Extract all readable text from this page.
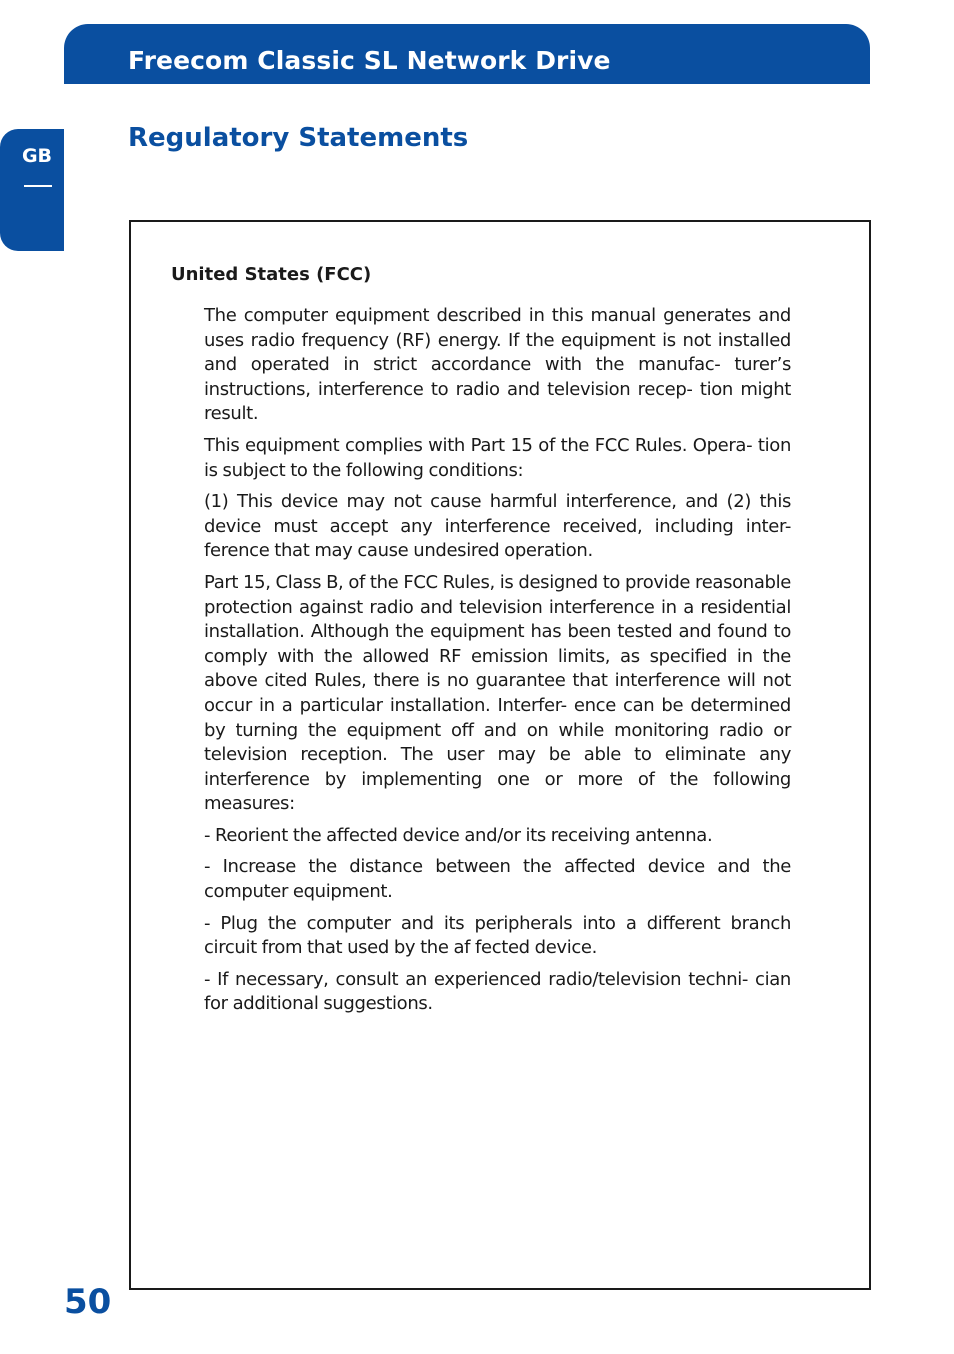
Freecom Classic SL Network Drive
GB
Regulatory Statements
United States (FCC)

The computer equipment described in this manual generates and uses radio frequency (RF) energy. If the equipment is not installed and operated in strict accordance with the manufac- turer’s instructions, interference to radio and television recep- tion might result.

This equipment complies with Part 15 of the FCC Rules. Opera- tion is subject to the following conditions:

(1) This device may not cause harmful interference, and (2) this device must accept any interference received, including inter- ference that may cause undesired operation.

Part 15, Class B, of the FCC Rules, is designed to provide reasonable protection against radio and television interference in a residential installation. Although the equipment has been tested and found to comply with the allowed RF emission limits, as specified in the above cited Rules, there is no guarantee that interference will not occur in a particular installation. Interfer- ence can be determined by turning the equipment off and on while monitoring radio or television reception. The user may be able to eliminate any interference by implementing one or more of the following measures:

- Reorient the affected device and/or its receiving antenna.

- Increase the distance between the affected device and the computer equipment.

- Plug the computer and its peripherals into a different branch circuit from that used by the af fected device.

- If necessary, consult an experienced radio/television techni- cian for additional suggestions.

50
